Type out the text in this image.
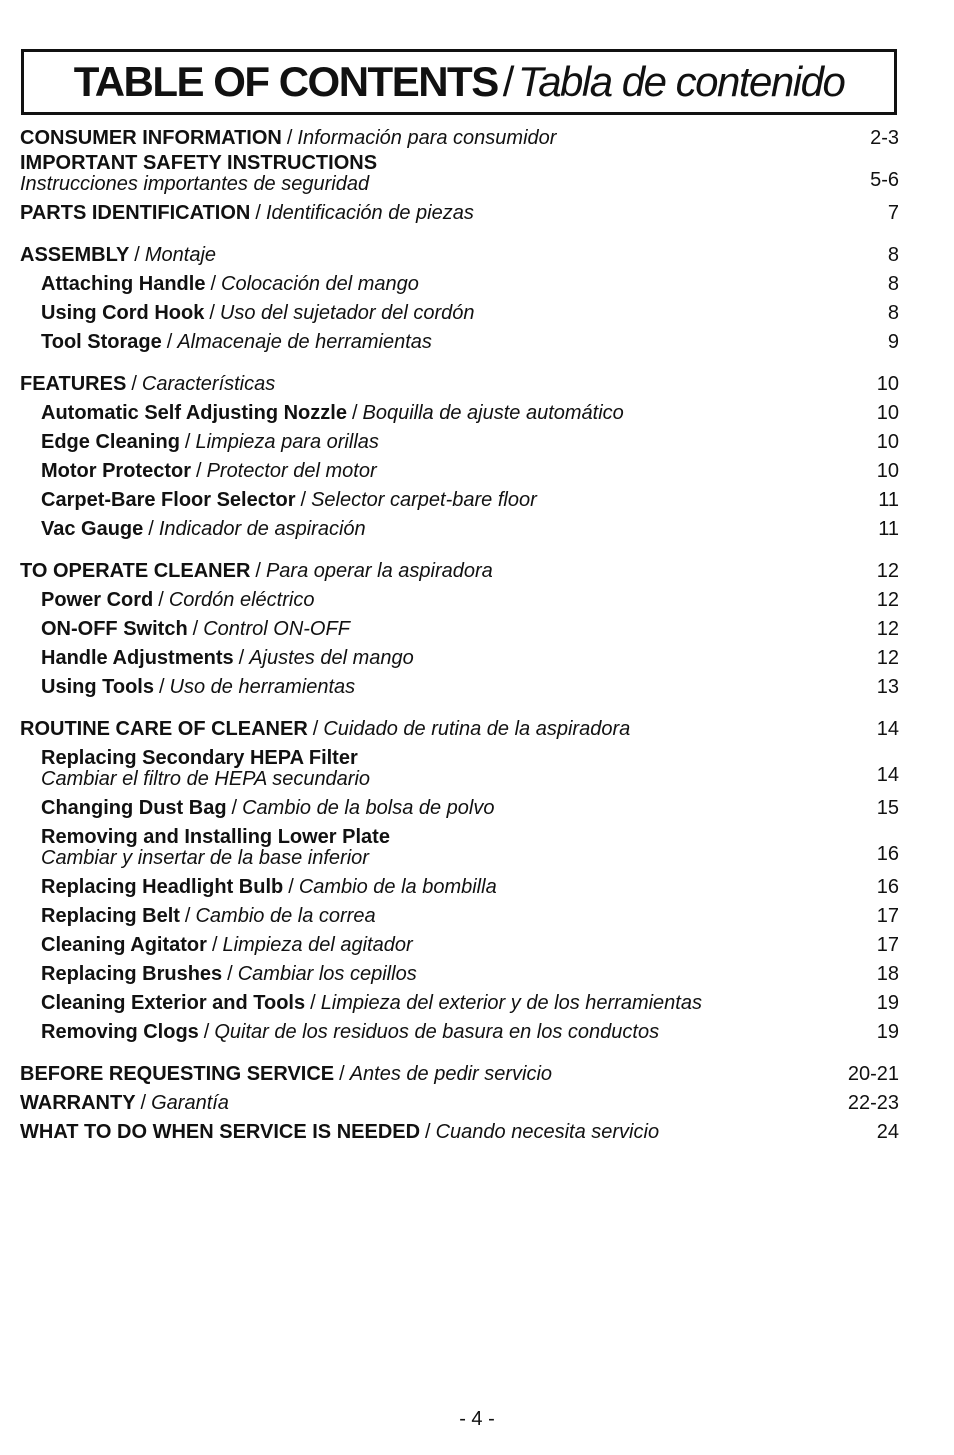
TABLE OF CONTENTS / Tabla de contenido
CONSUMER INFORMATION / Información para consumidor	2-3
IMPORTANT SAFETY INSTRUCTIONS
Instrucciones importantes de seguridad	5-6
PARTS IDENTIFICATION / Identificación de piezas	7
ASSEMBLY / Montaje	8
Attaching Handle / Colocación del mango	8
Using Cord Hook / Uso del sujetador del cordón	8
Tool Storage / Almacenaje de herramientas	9
FEATURES / Características	10
Automatic Self Adjusting Nozzle / Boquilla de ajuste automático	10
Edge Cleaning / Limpieza para orillas	10
Motor Protector / Protector del motor	10
Carpet-Bare Floor Selector / Selector carpet-bare floor	11
Vac Gauge / Indicador de aspiración	11
TO OPERATE CLEANER / Para operar la aspiradora	12
Power Cord / Cordón eléctrico	12
ON-OFF Switch / Control ON-OFF	12
Handle Adjustments / Ajustes del mango	12
Using Tools / Uso de herramientas	13
ROUTINE CARE OF CLEANER / Cuidado de rutina de la aspiradora	14
Replacing Secondary HEPA Filter
Cambiar el filtro de HEPA secundario	14
Changing Dust Bag / Cambio de la bolsa de polvo	15
Removing and Installing Lower Plate
Cambiar y insertar de la base inferior	16
Replacing Headlight Bulb / Cambio de la bombilla	16
Replacing Belt / Cambio de la correa	17
Cleaning Agitator / Limpieza del agitador	17
Replacing Brushes / Cambiar los cepillos	18
Cleaning Exterior and Tools / Limpieza del exterior y de los herramientas	19
Removing Clogs / Quitar de los residuos de basura en los conductos	19
BEFORE REQUESTING SERVICE / Antes de pedir servicio	20-21
WARRANTY / Garantía	22-23
WHAT TO DO WHEN SERVICE IS NEEDED / Cuando necesita servicio	24
- 4 -
